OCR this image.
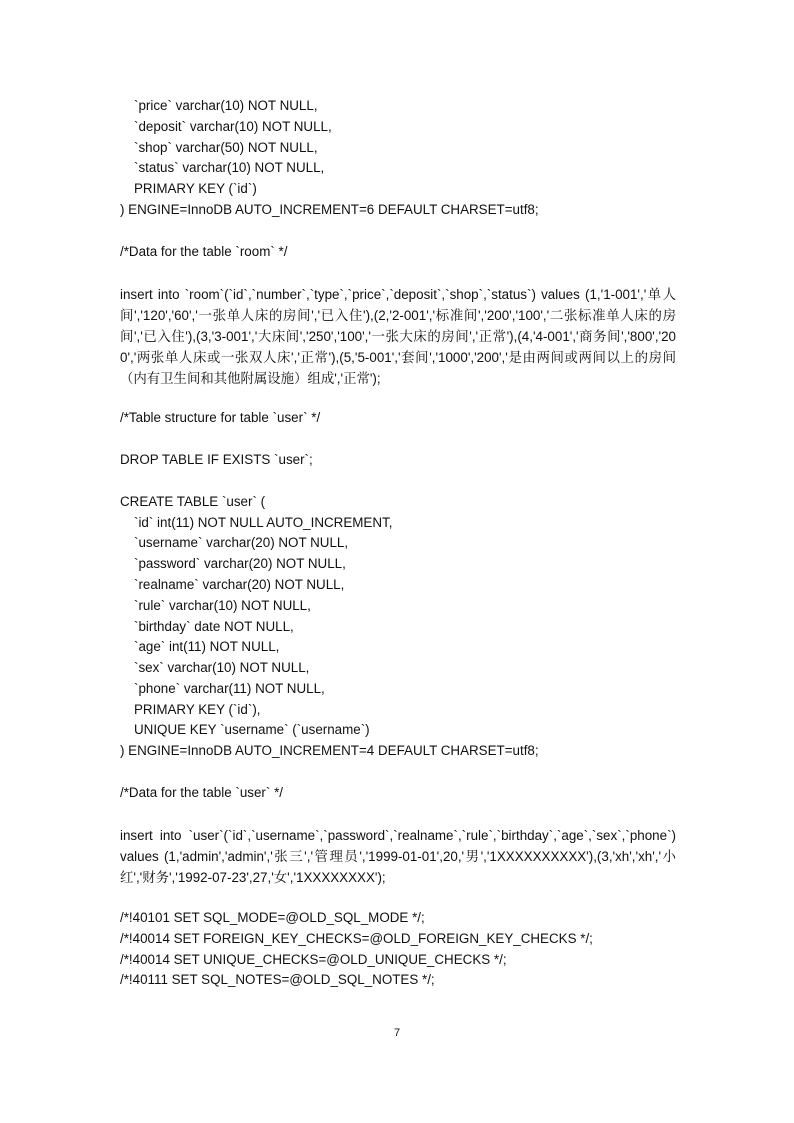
`price` varchar(10) NOT NULL,
`deposit` varchar(10) NOT NULL,
`shop` varchar(50) NOT NULL,
`status` varchar(10) NOT NULL,
PRIMARY KEY (`id`)
) ENGINE=InnoDB AUTO_INCREMENT=6 DEFAULT CHARSET=utf8;
/*Data for the table `room` */
insert into `room`(`id`,`number`,`type`,`price`,`deposit`,`shop`,`status`) values (1,'1-001','单人间','120','60','一张单人床的房间','已入住'),(2,'2-001','标准间','200','100','二张标准单人床的房间','已入住'),(3,'3-001','大床间','250','100','一张大床的房间','正常'),(4,'4-001','商务间','800','200','两张单人床或一张双人床','正常'),(5,'5-001','套间','1000','200','是由两间或两间以上的房间（内有卫生间和其他附属设施）组成','正常');
/*Table structure for table `user` */
DROP TABLE IF EXISTS `user`;
CREATE TABLE `user` (
`id` int(11) NOT NULL AUTO_INCREMENT,
`username` varchar(20) NOT NULL,
`password` varchar(20) NOT NULL,
`realname` varchar(20) NOT NULL,
`rule` varchar(10) NOT NULL,
`birthday` date NOT NULL,
`age` int(11) NOT NULL,
`sex` varchar(10) NOT NULL,
`phone` varchar(11) NOT NULL,
PRIMARY KEY (`id`),
UNIQUE KEY `username` (`username`)
) ENGINE=InnoDB AUTO_INCREMENT=4 DEFAULT CHARSET=utf8;
/*Data for the table `user` */
insert into `user`(`id`,`username`,`password`,`realname`,`rule`,`birthday`,`age`,`sex`,`phone`) values (1,'admin','admin','张三','管理员','1999-01-01',20,'男','1XXXXXXXXXX'),(3,'xh','xh','小红','财务','1992-07-23',27,'女','1XXXXXXXX');
/*!40101 SET SQL_MODE=@OLD_SQL_MODE */;
/*!40014 SET FOREIGN_KEY_CHECKS=@OLD_FOREIGN_KEY_CHECKS */;
/*!40014 SET UNIQUE_CHECKS=@OLD_UNIQUE_CHECKS */;
/*!40111 SET SQL_NOTES=@OLD_SQL_NOTES */;
7
